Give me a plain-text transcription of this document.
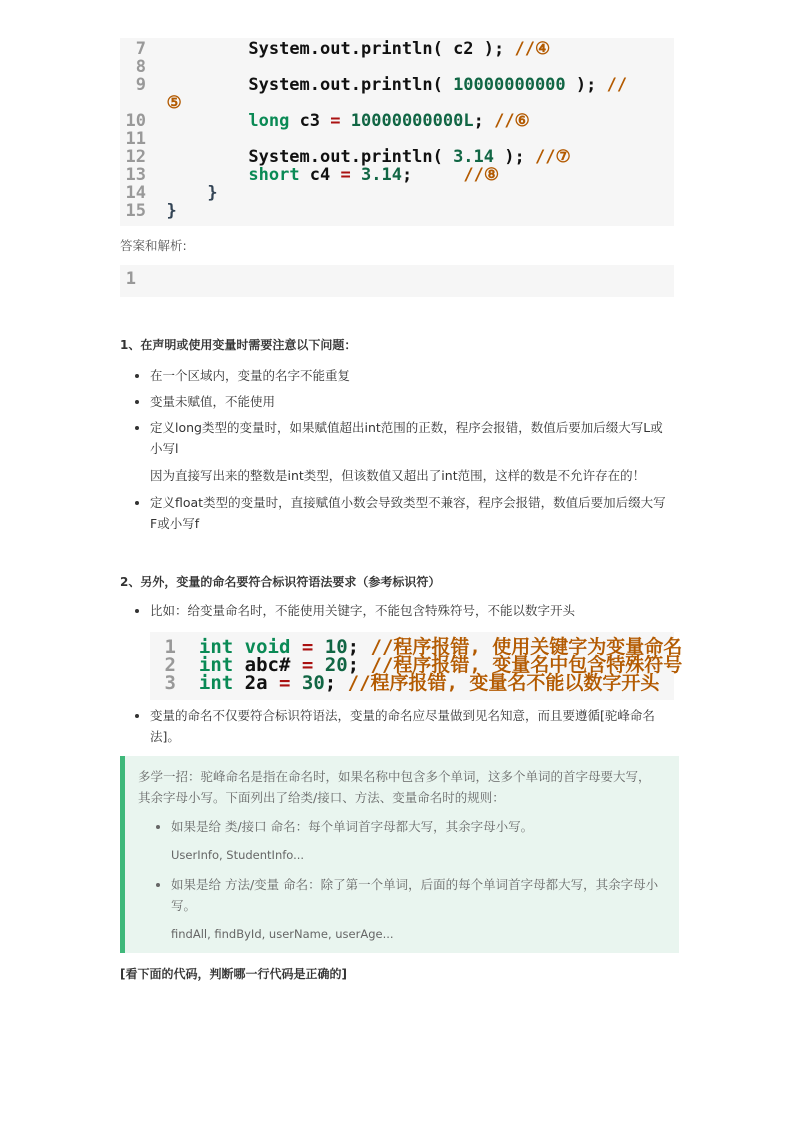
7	System.out.println( c2 ); //④
8
9          System.out.println( 10000000000 ); //
⑤
10	long c3 = 10000000000L; //⑥
11
12          System.out.println( 3.14 ); //⑦
13	short c4 = 3.14;     //⑧
14      }
15 }
答案和解析:
1
1、在声明或使用变量时需要注意以下问题：
• 在一个区域内，变量的名字不能重复
• 变量未赋值，不能使用
• 定义long类型的变量时，如果赋值超出int范围的正数，程序会报错，数值后要加后缀大写L或小写l
因为直接写出来的整数是int类型，但该数值又超出了int范围，这样的数是不允许存在的！
• 定义float类型的变量时，直接赋值小数会导致类型不兼容，程序会报错，数值后要加后缀大写F或小写f
2、另外，变量的命名要符合标识符语法要求（参考标识符）
• 比如：给变量命名时，不能使用关键字，不能包含特殊符号，不能以数字开头
1 int void = 10; //程序报错, 使用关键字为变量命名
2 int abc# = 20; //程序报错, 变量名中包含特殊符号
3 int 2a = 30; //程序报错, 变量名不能以数字开头
• 变量的命名不仅要符合标识符语法，变量的命名应尽量做到见名知意，而且要遵循[驼峰命名法]。
多学一招：驼峰命名是指在命名时，如果名称中包含多个单词，这多个单词的首字母要大写，其余字母小写。下面列出了给类/接口、方法、变量命名时的规则：
• 如果是给 类/接口 命名：每个单词首字母都大写，其余字母小写。
UserInfo, StudentInfo...
• 如果是给 方法/变量 命名：除了第一个单词，后面的每个单词首字母都大写，其余字母小写。
findAll, findById, userName, userAge...
[看下面的代码，判断哪一行代码是正确的]
